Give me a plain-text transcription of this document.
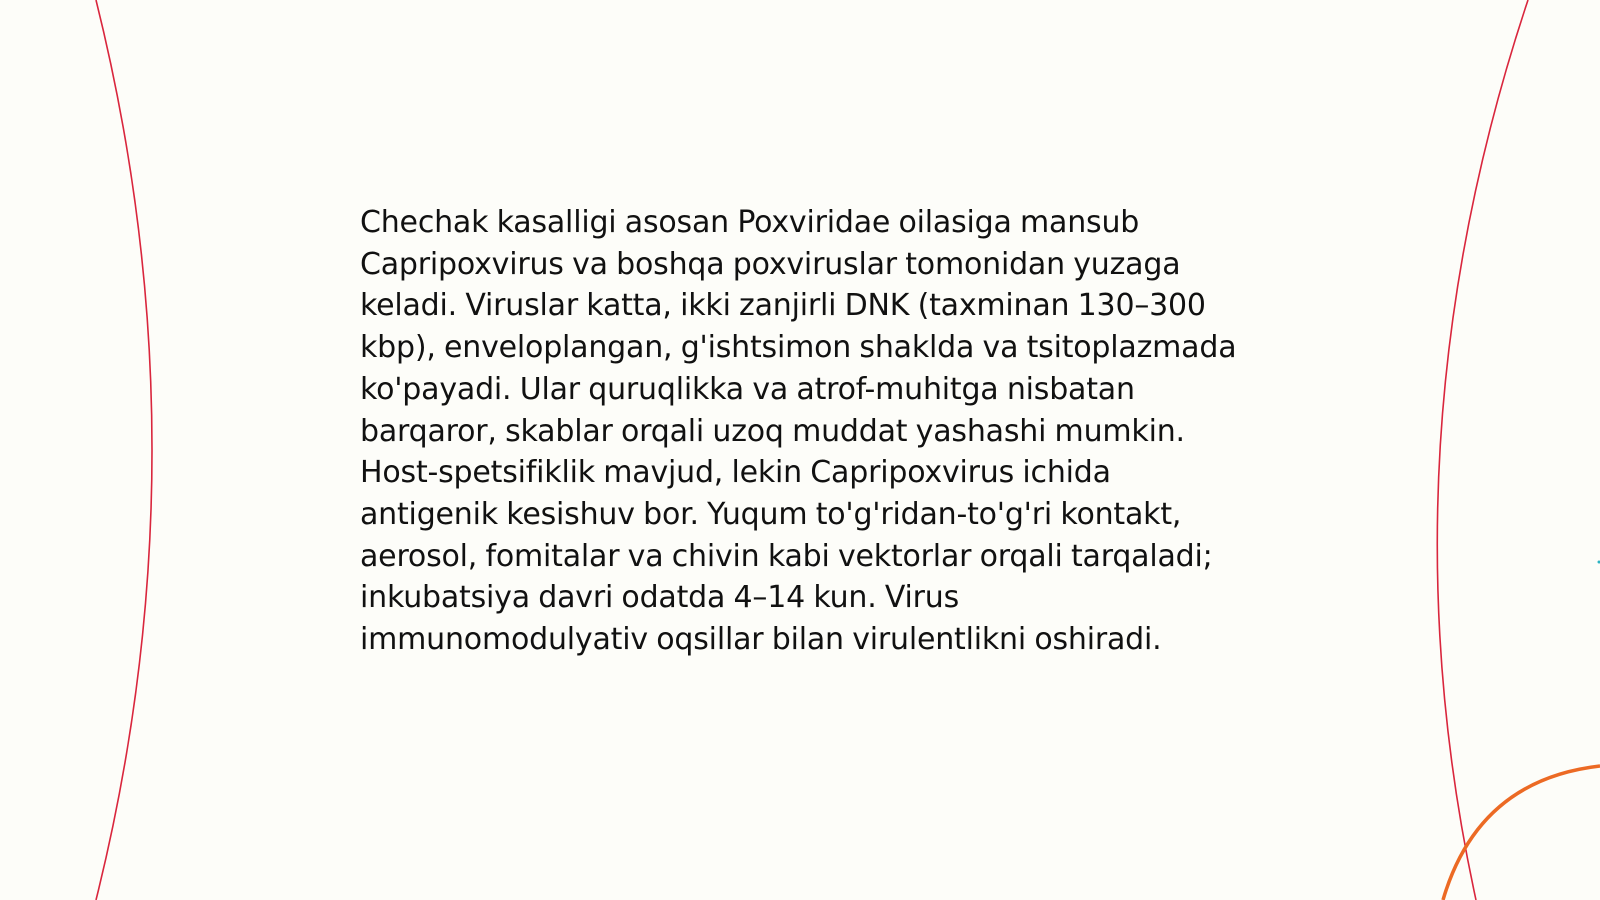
Chechak kasalligi asosan Poxviridae oilasiga mansub Capripoxvirus va boshqa poxviruslar tomonidan yuzaga keladi. Viruslar katta, ikki zanjirli DNK (taxminan 130–300 kbp), enveloplangan, g'ishtsimon shaklda va tsitoplazmada ko'payadi. Ular quruqlikka va atrof-muhitga nisbatan barqaror, skablar orqali uzoq muddat yashashi mumkin. Host-spetsifiklik mavjud, lekin Capripoxvirus ichida antigenik kesishuv bor. Yuqum to'g'ridan-to'g'ri kontakt, aerosol, fomitalar va chivin kabi vektorlar orqali tarqaladi; inkubatsiya davri odatda 4–14 kun. Virus immunomodulyativ oqsillar bilan virulentlikni oshiradi.
